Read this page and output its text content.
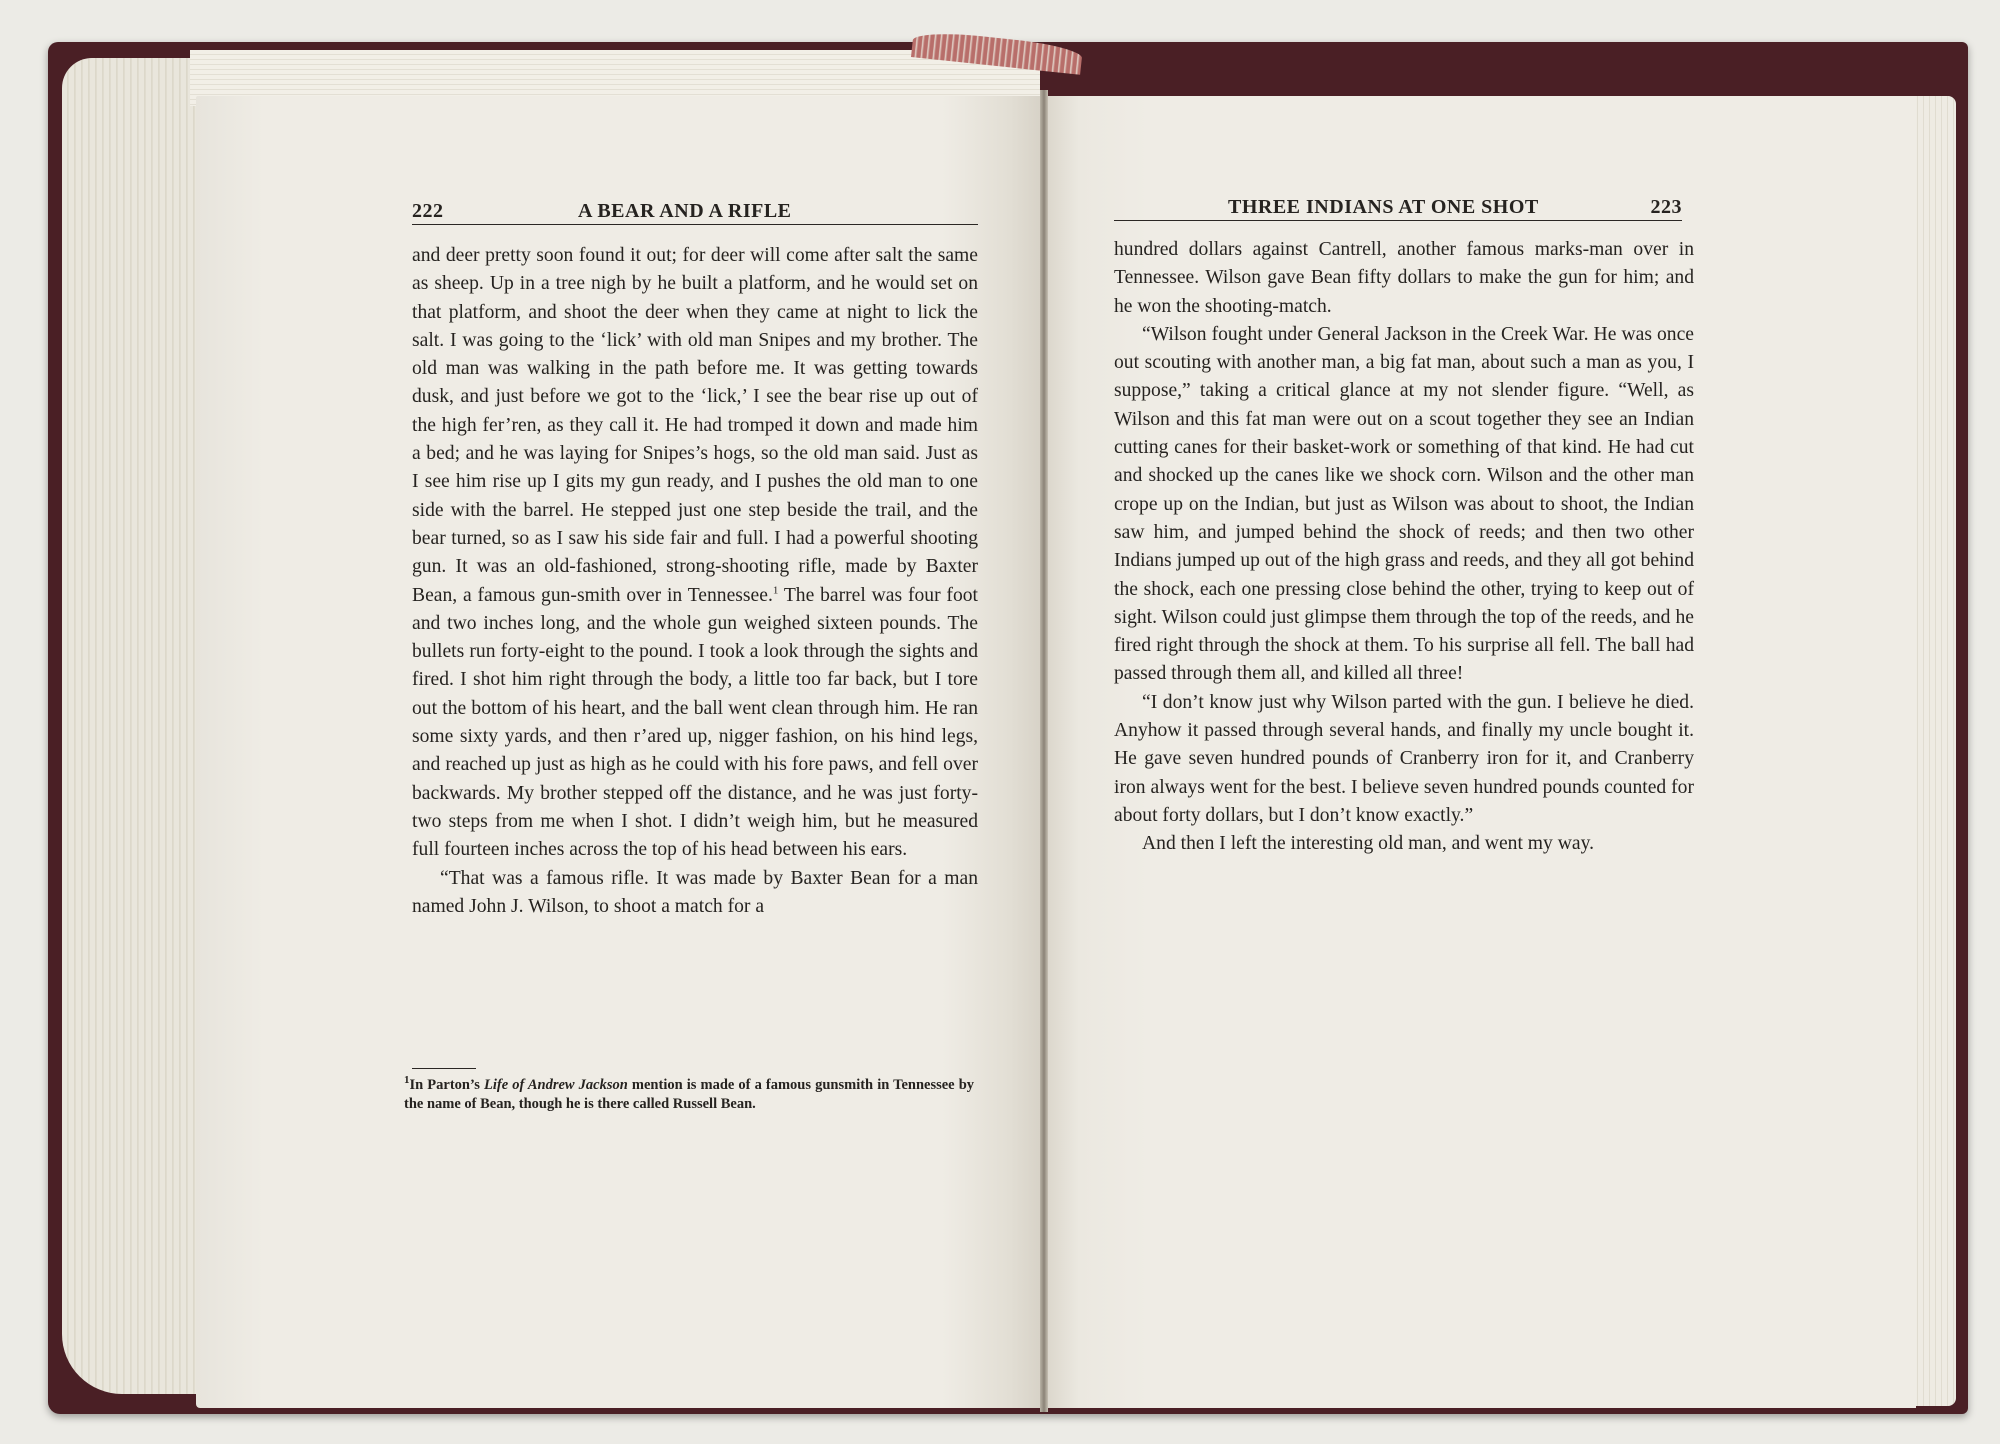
222	A BEAR AND A RIFLE	THREE INDIANS AT ONE SHOT	223

and deer pretty soon found it out; for deer will come after salt the same as sheep. Up in a tree nigh by he built a platform, and he would set on that platform, and shoot the deer when they came at night to lick the salt. I was going to the ‘lick’ with old man Snipes and my brother. The old man was walking in the path before me. It was getting towards dusk, and just before we got to the ‘lick,’ I see the bear rise up out of the high fer’ren, as they call it. He had tromped it down and made him a bed; and he was laying for Snipes’s hogs, so the old man said. Just as I see him rise up I gits my gun ready, and I pushes the old man to one side with the barrel. He stepped just one step beside the trail, and the bear turned, so as I saw his side fair and full. I had a powerful shooting gun. It was an old-fashioned, strong-shooting rifle, made by Baxter Bean, a famous gun-smith over in Tennessee.$^1$ The barrel was four foot and two inches long, and the whole gun weighed sixteen pounds. The bullets run forty-eight to the pound. I took a look through the sights and fired. I shot him right through the body, a little too far back, but I tore out the bottom of his heart, and the ball went clean through him. He ran some sixty yards, and then r’ared up, nigger fashion, on his hind legs, and reached up just as high as he could with his fore paws, and fell over backwards. My brother stepped off the distance, and he was just forty-two steps from me when I shot. I didn’t weigh him, but he measured full fourteen inches across the top of his head between his ears.

“That was a famous rifle. It was made by Baxter Bean for a man named John J. Wilson, to shoot a match for a

$^1$In Parton’s Life of Andrew Jackson mention is made of a famous gunsmith in Tennessee by the name of Bean, though he is there called Russell Bean.

hundred dollars against Cantrell, another famous marks-man over in Tennessee. Wilson gave Bean fifty dollars to make the gun for him; and he won the shooting-match.

“Wilson fought under General Jackson in the Creek War. He was once out scouting with another man, a big fat man, about such a man as you, I suppose,” taking a critical glance at my not slender figure. “Well, as Wilson and this fat man were out on a scout together they see an Indian cutting canes for their basket-work or something of that kind. He had cut and shocked up the canes like we shock corn. Wilson and the other man crope up on the Indian, but just as Wilson was about to shoot, the Indian saw him, and jumped behind the shock of reeds; and then two other Indians jumped up out of the high grass and reeds, and they all got behind the shock, each one pressing close behind the other, trying to keep out of sight. Wilson could just glimpse them through the top of the reeds, and he fired right through the shock at them. To his surprise all fell. The ball had passed through them all, and killed all three!

“I don’t know just why Wilson parted with the gun. I believe he died. Anyhow it passed through several hands, and finally my uncle bought it. He gave seven hundred pounds of Cranberry iron for it, and Cranberry iron always went for the best. I believe seven hundred pounds counted for about forty dollars, but I don’t know exactly.”

And then I left the interesting old man, and went my way.
